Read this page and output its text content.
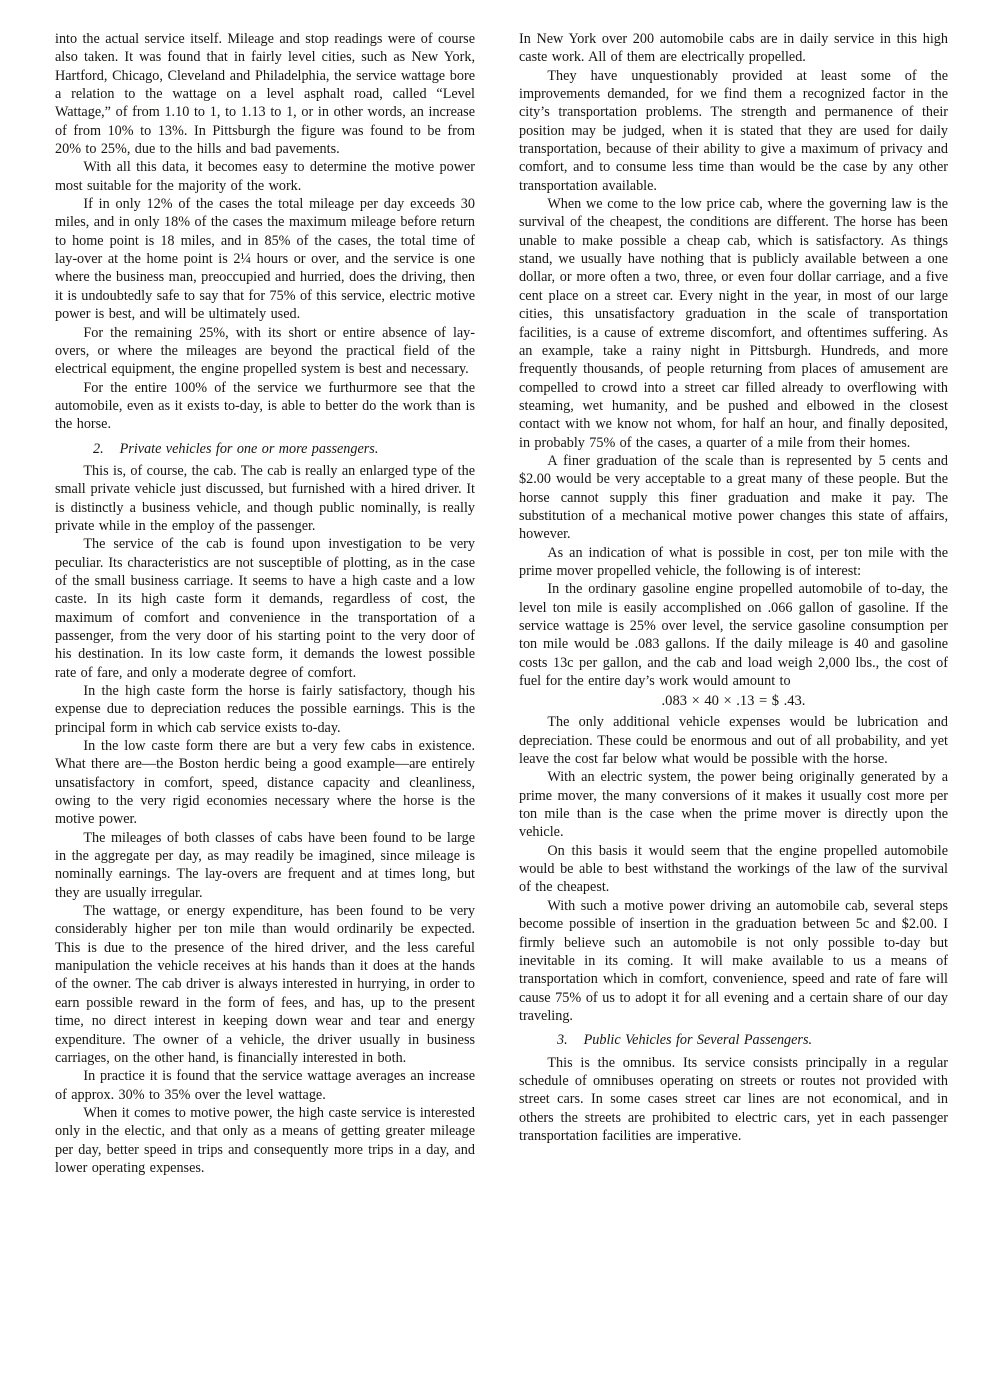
into the actual service itself. Mileage and stop readings were of course also taken. It was found that in fairly level cities, such as New York, Hartford, Chicago, Cleveland and Philadelphia, the service wattage bore a relation to the wattage on a level asphalt road, called “Level Wattage,” of from 1.10 to 1, to 1.13 to 1, or in other words, an increase of from 10% to 13%. In Pittsburgh the figure was found to be from 20% to 25%, due to the hills and bad pavements.

With all this data, it becomes easy to determine the motive power most suitable for the majority of the work.

If in only 12% of the cases the total mileage per day exceeds 30 miles, and in only 18% of the cases the maximum mileage before return to home point is 18 miles, and in 85% of the cases, the total time of lay-over at the home point is 2¼ hours or over, and the service is one where the business man, preoccupied and hurried, does the driving, then it is undoubtedly safe to say that for 75% of this service, electric motive power is best, and will be ultimately used.

For the remaining 25%, with its short or entire absence of lay-overs, or where the mileages are beyond the practical field of the electrical equipment, the engine propelled system is best and necessary.

For the entire 100% of the service we furthurmore see that the automobile, even as it exists to-day, is able to better do the work than is the horse.

2. Private vehicles for one or more passengers.

This is, of course, the cab. The cab is really an enlarged type of the small private vehicle just discussed, but furnished with a hired driver. It is distinctly a business vehicle, and though public nominally, is really private while in the employ of the passenger.

The service of the cab is found upon investigation to be very peculiar. Its characteristics are not susceptible of plotting, as in the case of the small business carriage. It seems to have a high caste and a low caste. In its high caste form it demands, regardless of cost, the maximum of comfort and convenience in the transportation of a passenger, from the very door of his starting point to the very door of his destination. In its low caste form, it demands the lowest possible rate of fare, and only a moderate degree of comfort.

In the high caste form the horse is fairly satisfactory, though his expense due to depreciation reduces the possible earnings. This is the principal form in which cab service exists to-day.

In the low caste form there are but a very few cabs in existence. What there are—the Boston herdic being a good example—are entirely unsatisfactory in comfort, speed, distance capacity and cleanliness, owing to the very rigid economies necessary where the horse is the motive power.

The mileages of both classes of cabs have been found to be large in the aggregate per day, as may readily be imagined, since mileage is nominally earnings. The lay-overs are frequent and at times long, but they are usually irregular.

The wattage, or energy expenditure, has been found to be very considerably higher per ton mile than would ordinarily be expected. This is due to the presence of the hired driver, and the less careful manipulation the vehicle receives at his hands than it does at the hands of the owner. The cab driver is always interested in hurrying, in order to earn possible reward in the form of fees, and has, up to the present time, no direct interest in keeping down wear and tear and energy expenditure. The owner of a vehicle, the driver usually in business carriages, on the other hand, is financially interested in both.

In practice it is found that the service wattage averages an increase of approx. 30% to 35% over the level wattage.

When it comes to motive power, the high caste service is interested only in the electic, and that only as a means of getting greater mileage per day, better speed in trips and consequently more trips in a day, and lower operating expenses.

In New York over 200 automobile cabs are in daily service in this high caste work. All of them are electrically propelled.

They have unquestionably provided at least some of the improvements demanded, for we find them a recognized factor in the city’s transportation problems. The strength and permanence of their position may be judged, when it is stated that they are used for daily transportation, because of their ability to give a maximum of privacy and comfort, and to consume less time than would be the case by any other transportation available.

When we come to the low price cab, where the governing law is the survival of the cheapest, the conditions are different. The horse has been unable to make possible a cheap cab, which is satisfactory. As things stand, we usually have nothing that is publicly available between a one dollar, or more often a two, three, or even four dollar carriage, and a five cent place on a street car. Every night in the year, in most of our large cities, this unsatisfactory graduation in the scale of transportation facilities, is a cause of extreme discomfort, and oftentimes suffering. As an example, take a rainy night in Pittsburgh. Hundreds, and more frequently thousands, of people returning from places of amusement are compelled to crowd into a street car filled already to overflowing with steaming, wet humanity, and be pushed and elbowed in the closest contact with we know not whom, for half an hour, and finally deposited, in probably 75% of the cases, a quarter of a mile from their homes.

A finer graduation of the scale than is represented by 5 cents and $2.00 would be very acceptable to a great many of these people. But the horse cannot supply this finer graduation and make it pay. The substitution of a mechanical motive power changes this state of affairs, however.

As an indication of what is possible in cost, per ton mile with the prime mover propelled vehicle, the following is of interest:

In the ordinary gasoline engine propelled automobile of to-day, the level ton mile is easily accomplished on .066 gallon of gasoline. If the service wattage is 25% over level, the service gasoline consumption per ton mile would be .083 gallons. If the daily mileage is 40 and gasoline costs 13c per gallon, and the cab and load weigh 2,000 lbs., the cost of fuel for the entire day’s work would amount to

.083 × 40 × .13 = $ .43.

The only additional vehicle expenses would be lubrication and depreciation. These could be enormous and out of all probability, and yet leave the cost far below what would be possible with the horse.

With an electric system, the power being originally generated by a prime mover, the many conversions of it makes it usually cost more per ton mile than is the case when the prime mover is directly upon the vehicle.

On this basis it would seem that the engine propelled automobile would be able to best withstand the workings of the law of the survival of the cheapest.

With such a motive power driving an automobile cab, several steps become possible of insertion in the graduation between 5c and $2.00. I firmly believe such an automobile is not only possible to-day but inevitable in its coming. It will make available to us a means of transportation which in comfort, convenience, speed and rate of fare will cause 75% of us to adopt it for all evening and a certain share of our day traveling.

3. Public Vehicles for Several Passengers.

This is the omnibus. Its service consists principally in a regular schedule of omnibuses operating on streets or routes not provided with street cars. In some cases street car lines are not economical, and in others the streets are prohibited to electric cars, yet in each passenger transportation facilities are imperative.
